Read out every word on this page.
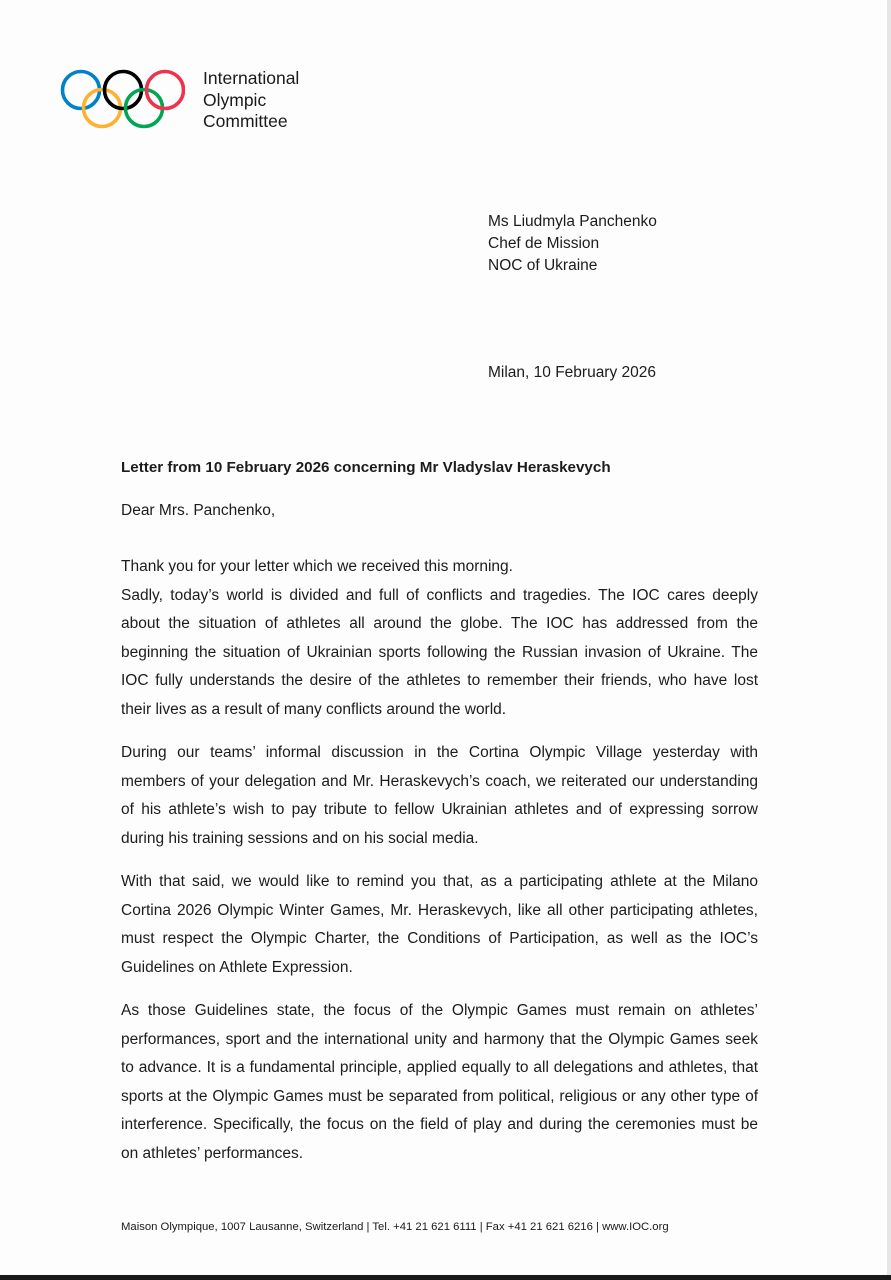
International
Olympic
Committee
Ms Liudmyla Panchenko
Chef de Mission
NOC of Ukraine
Milan, 10 February 2026
Letter from 10 February 2026 concerning Mr Vladyslav Heraskevych
Dear Mrs. Panchenko,
Thank you for your letter which we received this morning.
Sadly, today’s world is divided and full of conflicts and tragedies. The IOC cares deeply about the situation of athletes all around the globe. The IOC has addressed from the beginning the situation of Ukrainian sports following the Russian invasion of Ukraine. The IOC fully understands the desire of the athletes to remember their friends, who have lost their lives as a result of many conflicts around the world.
During our teams’ informal discussion in the Cortina Olympic Village yesterday with members of your delegation and Mr. Heraskevych’s coach, we reiterated our understanding of his athlete’s wish to pay tribute to fellow Ukrainian athletes and of expressing sorrow during his training sessions and on his social media.
With that said, we would like to remind you that, as a participating athlete at the Milano Cortina 2026 Olympic Winter Games, Mr. Heraskevych, like all other participating athletes, must respect the Olympic Charter, the Conditions of Participation, as well as the IOC’s Guidelines on Athlete Expression.
As those Guidelines state, the focus of the Olympic Games must remain on athletes’ performances, sport and the international unity and harmony that the Olympic Games seek to advance. It is a fundamental principle, applied equally to all delegations and athletes, that sports at the Olympic Games must be separated from political, religious or any other type of interference. Specifically, the focus on the field of play and during the ceremonies must be on athletes’ performances.
Maison Olympique, 1007 Lausanne, Switzerland | Tel. +41 21 621 6111 | Fax +41 21 621 6216 | www.IOC.org
